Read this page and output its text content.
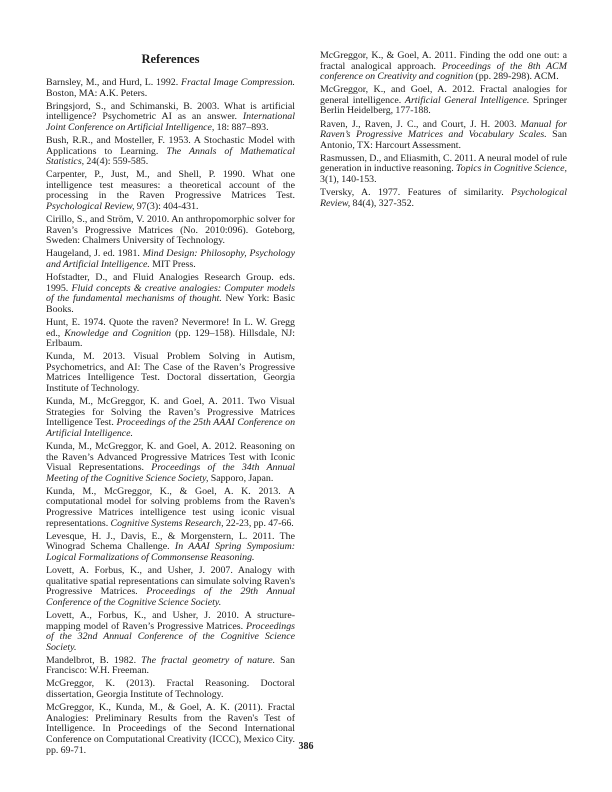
References

Barnsley, M., and Hurd, L. 1992. Fractal Image Compression. Boston, MA: A.K. Peters.

Bringsjord, S., and Schimanski, B. 2003. What is artificial intelligence? Psychometric AI as an answer. International Joint Conference on Artificial Intelligence, 18: 887–893.

Bush, R.R., and Mosteller, F. 1953. A Stochastic Model with Applications to Learning. The Annals of Mathematical Statistics, 24(4): 559-585.

Carpenter, P., Just, M., and Shell, P. 1990. What one intelligence test measures: a theoretical account of the processing in the Raven Progressive Matrices Test. Psychological Review, 97(3): 404-431.

Cirillo, S., and Ström, V. 2010. An anthropomorphic solver for Raven’s Progressive Matrices (No. 2010:096). Goteborg, Sweden: Chalmers University of Technology.

Haugeland, J. ed. 1981. Mind Design: Philosophy, Psychology and Artificial Intelligence. MIT Press.

Hofstadter, D., and Fluid Analogies Research Group. eds. 1995. Fluid concepts & creative analogies: Computer models of the fundamental mechanisms of thought. New York: Basic Books.

Hunt, E. 1974. Quote the raven? Nevermore! In L. W. Gregg ed., Knowledge and Cognition (pp. 129–158). Hillsdale, NJ: Erlbaum.

Kunda, M. 2013. Visual Problem Solving in Autism, Psychometrics, and AI: The Case of the Raven’s Progressive Matrices Intelligence Test. Doctoral dissertation, Georgia Institute of Technology.

Kunda, M., McGreggor, K. and Goel, A. 2011. Two Visual Strategies for Solving the Raven’s Progressive Matrices Intelligence Test. Proceedings of the 25th AAAI Conference on Artificial Intelligence.

Kunda, M., McGreggor, K. and Goel, A. 2012. Reasoning on the Raven’s Advanced Progressive Matrices Test with Iconic Visual Representations. Proceedings of the 34th Annual Meeting of the Cognitive Science Society, Sapporo, Japan.

Kunda, M., McGreggor, K., & Goel, A. K. 2013. A computational model for solving problems from the Raven's Progressive Matrices intelligence test using iconic visual representations. Cognitive Systems Research, 22-23, pp. 47-66.

Levesque, H. J., Davis, E., & Morgenstern, L. 2011. The Winograd Schema Challenge. In AAAI Spring Symposium: Logical Formalizations of Commonsense Reasoning.

Lovett, A. Forbus, K., and Usher, J. 2007. Analogy with qualitative spatial representations can simulate solving Raven's Progressive Matrices. Proceedings of the 29th Annual Conference of the Cognitive Science Society.

Lovett, A., Forbus, K., and Usher, J. 2010. A structure-mapping model of Raven’s Progressive Matrices. Proceedings of the 32nd Annual Conference of the Cognitive Science Society.

Mandelbrot, B. 1982. The fractal geometry of nature. San Francisco: W.H. Freeman.

McGreggor, K. (2013). Fractal Reasoning. Doctoral dissertation, Georgia Institute of Technology.

McGreggor, K., Kunda, M., & Goel, A. K. (2011). Fractal Analogies: Preliminary Results from the Raven's Test of Intelligence. In Proceedings of the Second International Conference on Computational Creativity (ICCC), Mexico City. pp. 69-71.

McGreggor, K., & Goel, A. 2011. Finding the odd one out: a fractal analogical approach. Proceedings of the 8th ACM conference on Creativity and cognition (pp. 289-298). ACM.

McGreggor, K., and Goel, A. 2012. Fractal analogies for general intelligence. Artificial General Intelligence. Springer Berlin Heidelberg, 177-188.

Raven, J., Raven, J. C., and Court, J. H. 2003. Manual for Raven’s Progressive Matrices and Vocabulary Scales. San Antonio, TX: Harcourt Assessment.

Rasmussen, D., and Eliasmith, C. 2011. A neural model of rule generation in inductive reasoning. Topics in Cognitive Science, 3(1), 140-153.

Tversky, A. 1977. Features of similarity. Psychological Review, 84(4), 327-352.

386
